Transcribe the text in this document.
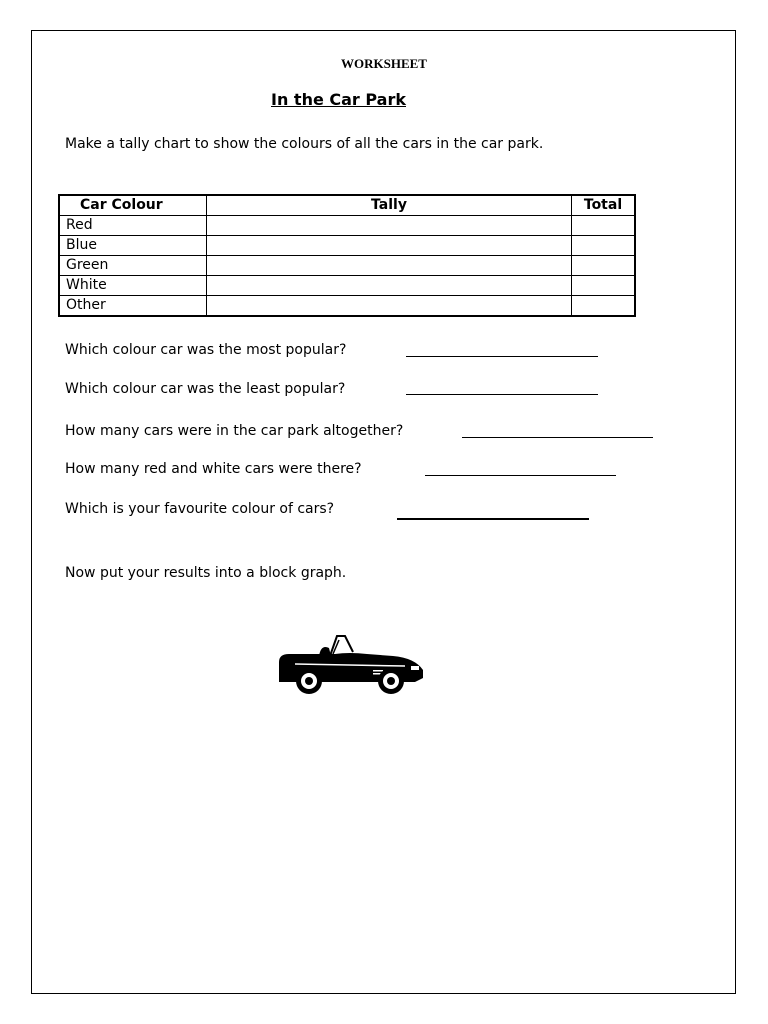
WORKSHEET
In the Car Park
Make a tally chart to show the colours of all the cars in the car park.
Car Colour	Tally	Total
Red		
Blue		
Green		
White		
Other		
Which colour car was the most popular?
Which colour car was the least popular?
How many cars were in the car park altogether?
How many red and white cars were there?
Which is your favourite colour of cars?
Now put your results into a block graph.
